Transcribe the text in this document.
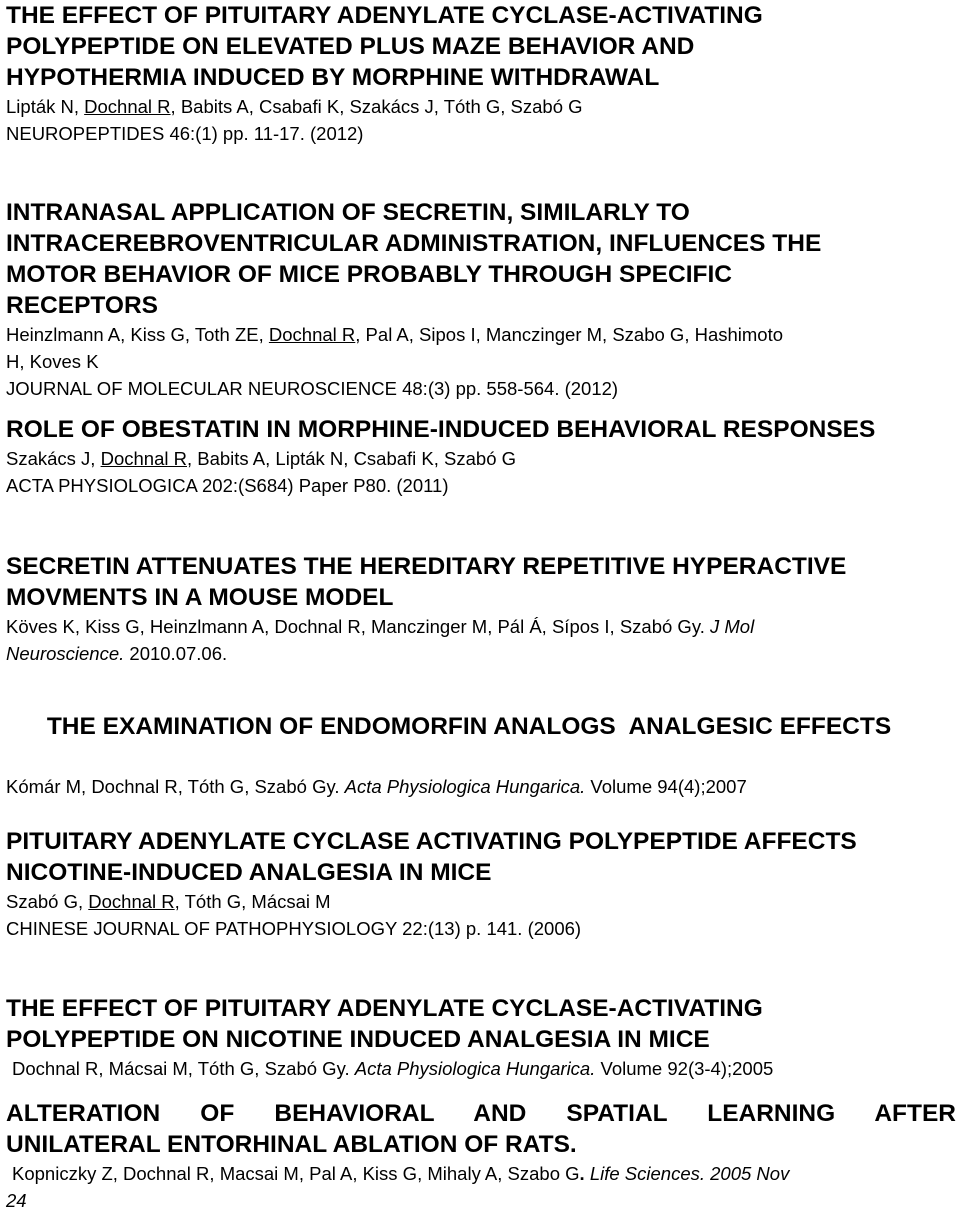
THE EFFECT OF PITUITARY ADENYLATE CYCLASE-ACTIVATING
POLYPEPTIDE ON ELEVATED PLUS MAZE BEHAVIOR AND
HYPOTHERMIA INDUCED BY MORPHINE WITHDRAWAL

Lipták N, Dochnal R, Babits A, Csabafi K, Szakács J, Tóth G, Szabó G

NEUROPEPTIDES 46:(1) pp. 11-17. (2012)

INTRANASAL APPLICATION OF SECRETIN, SIMILARLY TO
INTRACEREBROVENTRICULAR ADMINISTRATION, INFLUENCES THE
MOTOR BEHAVIOR OF MICE PROBABLY THROUGH SPECIFIC
RECEPTORS

Heinzlmann A, Kiss G, Toth ZE, Dochnal R, Pal A, Sipos I, Manczinger M, Szabo G, Hashimoto

H, Koves K

JOURNAL OF MOLECULAR NEUROSCIENCE 48:(3) pp. 558-564. (2012)

ROLE OF OBESTATIN IN MORPHINE-INDUCED BEHAVIORAL RESPONSES

Szakács J, Dochnal R, Babits A, Lipták N, Csabafi K, Szabó G

ACTA PHYSIOLOGICA 202:(S684) Paper P80. (2011)

SECRETIN ATTENUATES THE HEREDITARY REPETITIVE HYPERACTIVE
MOVMENTS IN A MOUSE MODEL

Köves K, Kiss G, Heinzlmann A, Dochnal R, Manczinger M, Pál Á, Sípos I, Szabó Gy. J Mol

Neuroscience. 2010.07.06.

THE EXAMINATION OF ENDOMORFIN ANALOGS  ANALGESIC EFFECTS

Kómár M, Dochnal R, Tóth G, Szabó Gy. Acta Physiologica Hungarica. Volume 94(4);2007

PITUITARY ADENYLATE CYCLASE ACTIVATING POLYPEPTIDE AFFECTS
NICOTINE-INDUCED ANALGESIA IN MICE

Szabó G, Dochnal R, Tóth G, Mácsai M

CHINESE JOURNAL OF PATHOPHYSIOLOGY 22:(13) p. 141. (2006)

THE EFFECT OF PITUITARY ADENYLATE CYCLASE-ACTIVATING
POLYPEPTIDE ON NICOTINE INDUCED ANALGESIA IN MICE

Dochnal R, Mácsai M, Tóth G, Szabó Gy. Acta Physiologica Hungarica. Volume 92(3-4);2005

ALTERATION OF BEHAVIORAL AND SPATIAL LEARNING AFTER
UNILATERAL ENTORHINAL ABLATION OF RATS.

Kopniczky Z, Dochnal R, Macsai M, Pal A, Kiss G, Mihaly A, Szabo G. Life Sciences. 2005 Nov

24
